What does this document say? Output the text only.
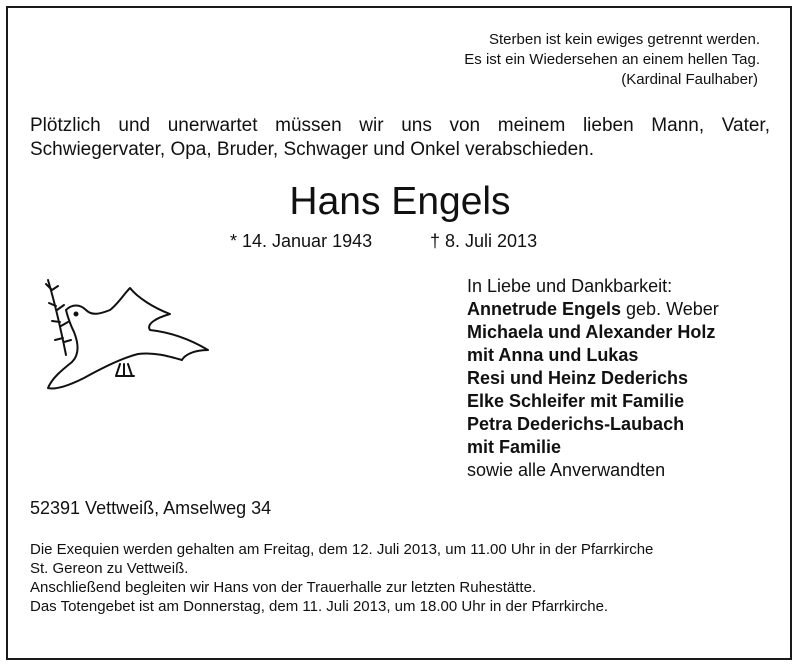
Sterben ist kein ewiges getrennt werden.
Es ist ein Wiedersehen an einem hellen Tag.
(Kardinal Faulhaber)
Plötzlich und unerwartet müssen wir uns von meinem lieben Mann, Vater, Schwiegervater, Opa, Bruder, Schwager und Onkel verabschieden.
Hans Engels
* 14. Januar 1943	† 8. Juli 2013
In Liebe und Dankbarkeit:
Annetrude Engels geb. Weber
Michaela und Alexander Holz
mit Anna und Lukas
Resi und Heinz Dederichs
Elke Schleifer mit Familie
Petra Dederichs-Laubach
mit Familie
sowie alle Anverwandten
52391 Vettweiß, Amselweg 34
Die Exequien werden gehalten am Freitag, dem 12. Juli 2013, um 11.00 Uhr in der Pfarrkirche
St. Gereon zu Vettweiß.
Anschließend begleiten wir Hans von der Trauerhalle zur letzten Ruhestätte.
Das Totengebet ist am Donnerstag, dem 11. Juli 2013, um 18.00 Uhr in der Pfarrkirche.
